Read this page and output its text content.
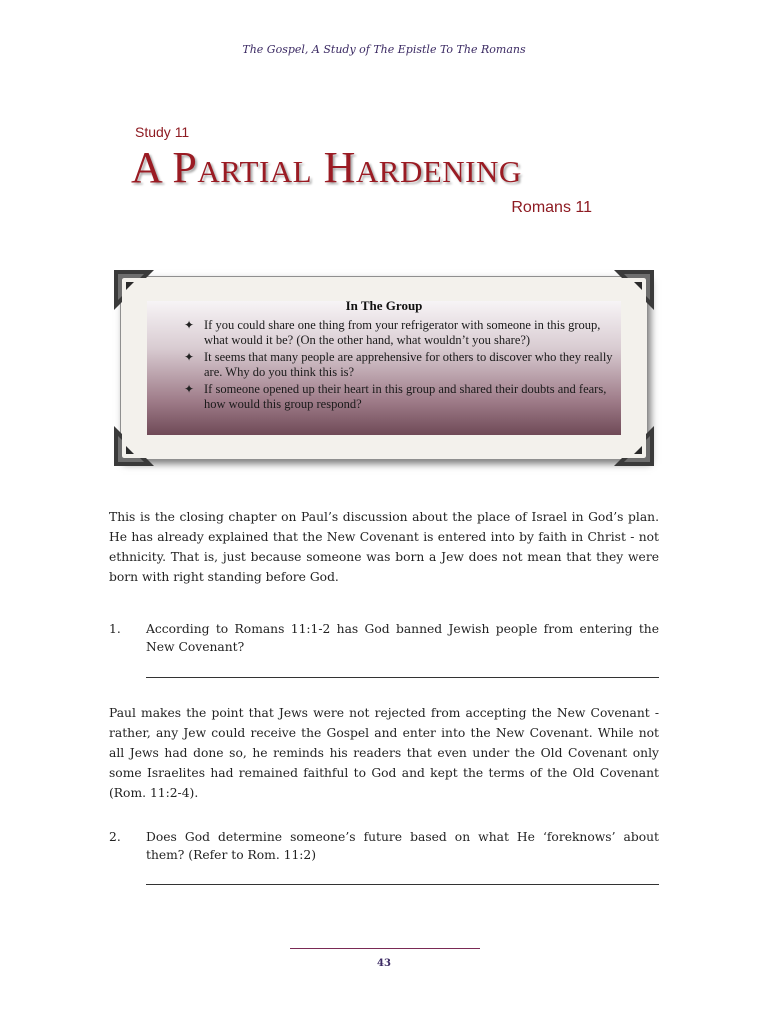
The Gospel, A Study of The Epistle To The Romans
Study 11
A Partial Hardening
Romans 11
In The Group
✦ If you could share one thing from your refrigerator with someone in this group, what would it be? (On the other hand, what wouldn’t you share?)
✦ It seems that many people are apprehensive for others to discover who they really are. Why do you think this is?
✦ If someone opened up their heart in this group and shared their doubts and fears, how would this group respond?

This is the closing chapter on Paul’s discussion about the place of Israel in God’s plan. He has already explained that the New Covenant is entered into by faith in Christ - not ethnicity. That is, just because someone was born a Jew does not mean that they were born with right standing before God.

1. According to Romans 11:1-2 has God banned Jewish people from entering the New Covenant?

Paul makes the point that Jews were not rejected from accepting the New Covenant - rather, any Jew could receive the Gospel and enter into the New Covenant. While not all Jews had done so, he reminds his readers that even under the Old Covenant only some Israelites had remained faithful to God and kept the terms of the Old Covenant (Rom. 11:2-4).

2. Does God determine someone’s future based on what He ‘foreknows’ about them? (Refer to Rom. 11:2)
43
